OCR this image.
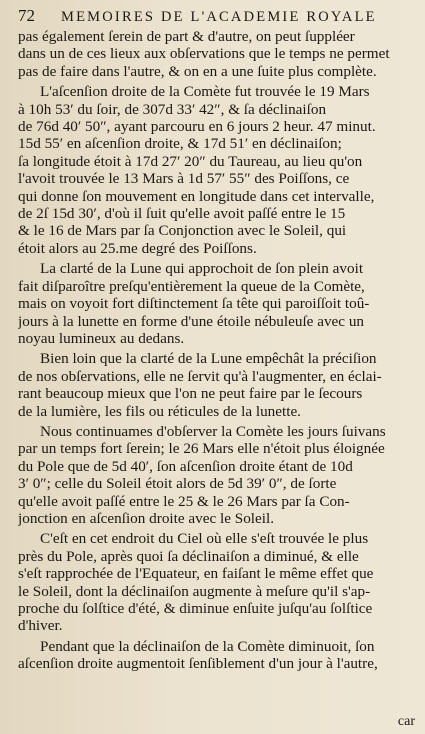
72 MEMOIRES DE L'ACADEMIE ROYALE
pas également ſerein de part & d'autre, on peut ſuppléer
dans un de ces lieux aux obſervations que le temps ne permet
pas de faire dans l'autre, & on en a une ſuite plus complète.
L'aſcenſion droite de la Comète fut trouvée le 19 Mars
à 10h 53′ du ſoir, de 307d 33′ 42″, & ſa déclinaiſon
de 76d 40′ 50″, ayant parcouru en 6 jours 2 heur. 47 minut.
15d 55′ en aſcenſion droite, & 17d 51′ en déclinaiſon;
ſa longitude étoit à 17d 27′ 20″ du Taureau, au lieu qu'on
l'avoit trouvée le 13 Mars à 1d 57′ 55″ des Poiſſons, ce
qui donne ſon mouvement en longitude dans cet intervalle,
de 2ſ 15d 30′, d'où il ſuit qu'elle avoit paſſé entre le 15
& le 16 de Mars par ſa Conjonction avec le Soleil, qui
étoit alors au 25.me degré des Poiſſons.
La clarté de la Lune qui approchoit de ſon plein avoit
fait diſparoître preſqu'entièrement la queue de la Comète,
mais on voyoit fort diſtinctement ſa tête qui paroiſſoit toû-
jours à la lunette en forme d'une étoile nébuleuſe avec un
noyau lumineux au dedans.
Bien loin que la clarté de la Lune empêchât la préciſion
de nos obſervations, elle ne ſervit qu'à l'augmenter, en éclai-
rant beaucoup mieux que l'on ne peut faire par le ſecours
de la lumière, les fils ou réticules de la lunette.
Nous continuames d'obſerver la Comète les jours ſuivans
par un temps fort ſerein; le 26 Mars elle n'étoit plus éloignée
du Pole que de 5d 40′, ſon aſcenſion droite étant de 10d
3′ 0″; celle du Soleil étoit alors de 5d 39′ 0″, de ſorte
qu'elle avoit paſſé entre le 25 & le 26 Mars par ſa Con-
jonction en aſcenſion droite avec le Soleil.
C'eſt en cet endroit du Ciel où elle s'eſt trouvée le plus
près du Pole, après quoi ſa déclinaiſon a diminué, & elle
s'eſt rapprochée de l'Equateur, en faiſant le même effet que
le Soleil, dont la déclinaiſon augmente à meſure qu'il s'ap-
proche du ſolſtice d'été, & diminue enſuite juſqu'au ſolſtice
d'hiver.
Pendant que la déclinaiſon de la Comète diminuoit, ſon
aſcenſion droite augmentoit ſenſiblement d'un jour à l'autre,
car
